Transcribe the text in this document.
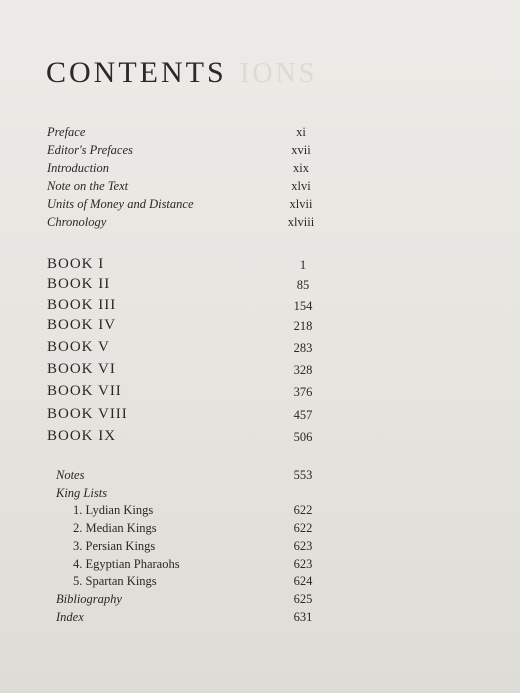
IONS
CONTENTS
Preface	xi
Editor's Prefaces	xvii
Introduction	xix
Note on the Text	xlvi
Units of Money and Distance	xlvii
Chronology	xlviii
BOOK I	1
BOOK II	85
BOOK III	154
BOOK IV	218
BOOK V	283
BOOK VI	328
BOOK VII	376
BOOK VIII	457
BOOK IX	506
Notes	553
King Lists
1. Lydian Kings	622
2. Median Kings	622
3. Persian Kings	623
4. Egyptian Pharaohs	623
5. Spartan Kings	624
Bibliography	625
Index	631
